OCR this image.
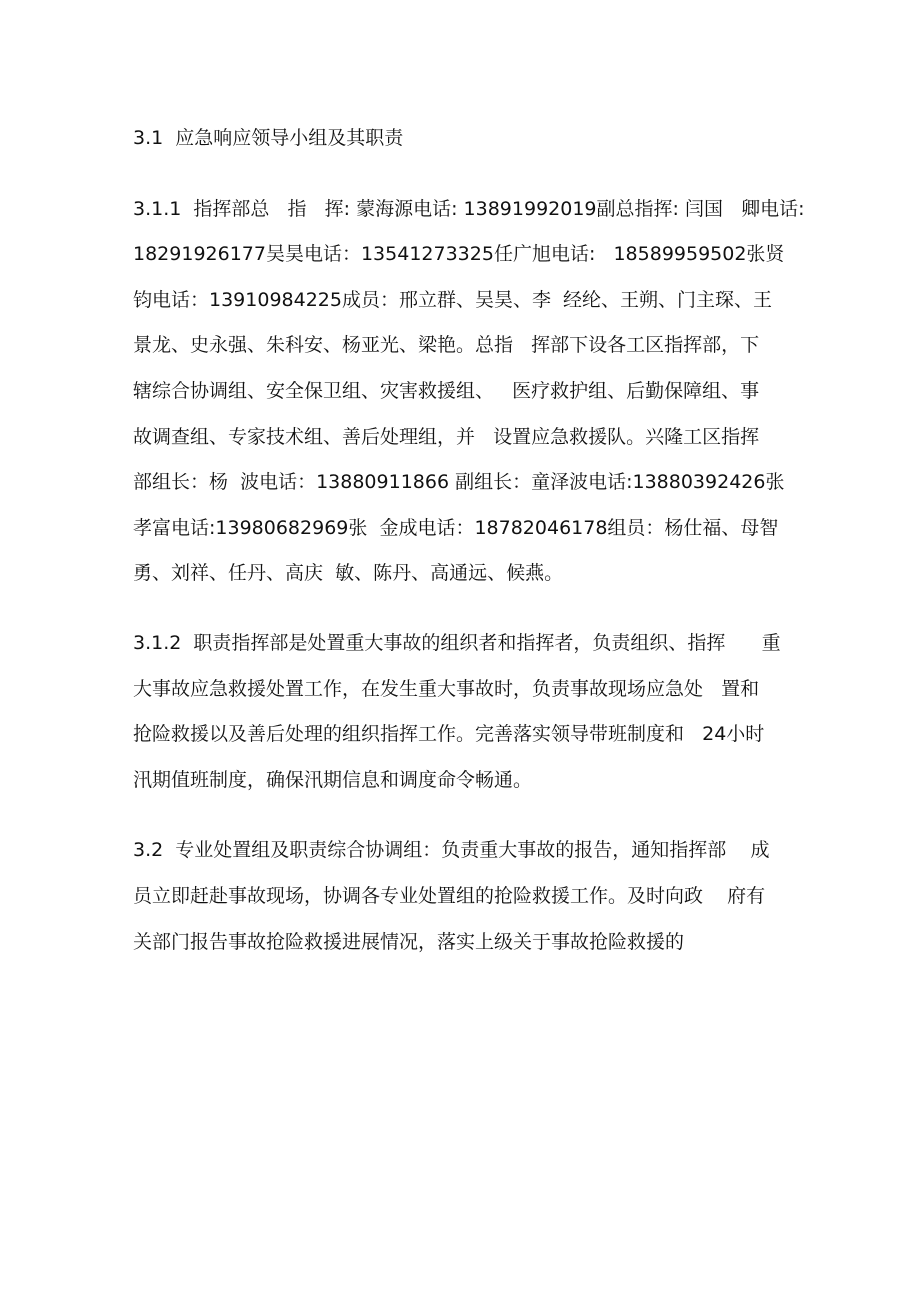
3.1  应急响应领导小组及其职责
3.1.1  指挥部总   指   挥: 蒙海源电话: 13891992019副总指挥: 闫国   卿电话:
18291926177吴昊电话：13541273325任广旭电话:   18589959502张贤
钧电话：13910984225成员：邢立群、吴昊、李  经纶、王朔、门主琛、王
景龙、史永强、朱科安、杨亚光、梁艳。总指   挥部下设各工区指挥部，下
辖综合协调组、安全保卫组、灾害救援组、   医疗救护组、后勤保障组、事
故调查组、专家技术组、善后处理组，并   设置应急救援队。兴隆工区指挥
部组长：杨  波电话：13880911866 副组长：童泽波电话:13880392426张
孝富电话:13980682969张  金成电话：18782046178组员：杨仕福、母智
勇、刘祥、任丹、高庆  敏、陈丹、高通远、候燕。
3.1.2  职责指挥部是处置重大事故的组织者和指挥者，负责组织、指挥      重
大事故应急救援处置工作，在发生重大事故时，负责事故现场应急处   置和
抢险救援以及善后处理的组织指挥工作。完善落实领导带班制度和   24小时
汛期值班制度，确保汛期信息和调度命令畅通。
3.2  专业处置组及职责综合协调组：负责重大事故的报告，通知指挥部    成
员立即赶赴事故现场，协调各专业处置组的抢险救援工作。及时向政    府有
关部门报告事故抢险救援进展情况，落实上级关于事故抢险救援的
